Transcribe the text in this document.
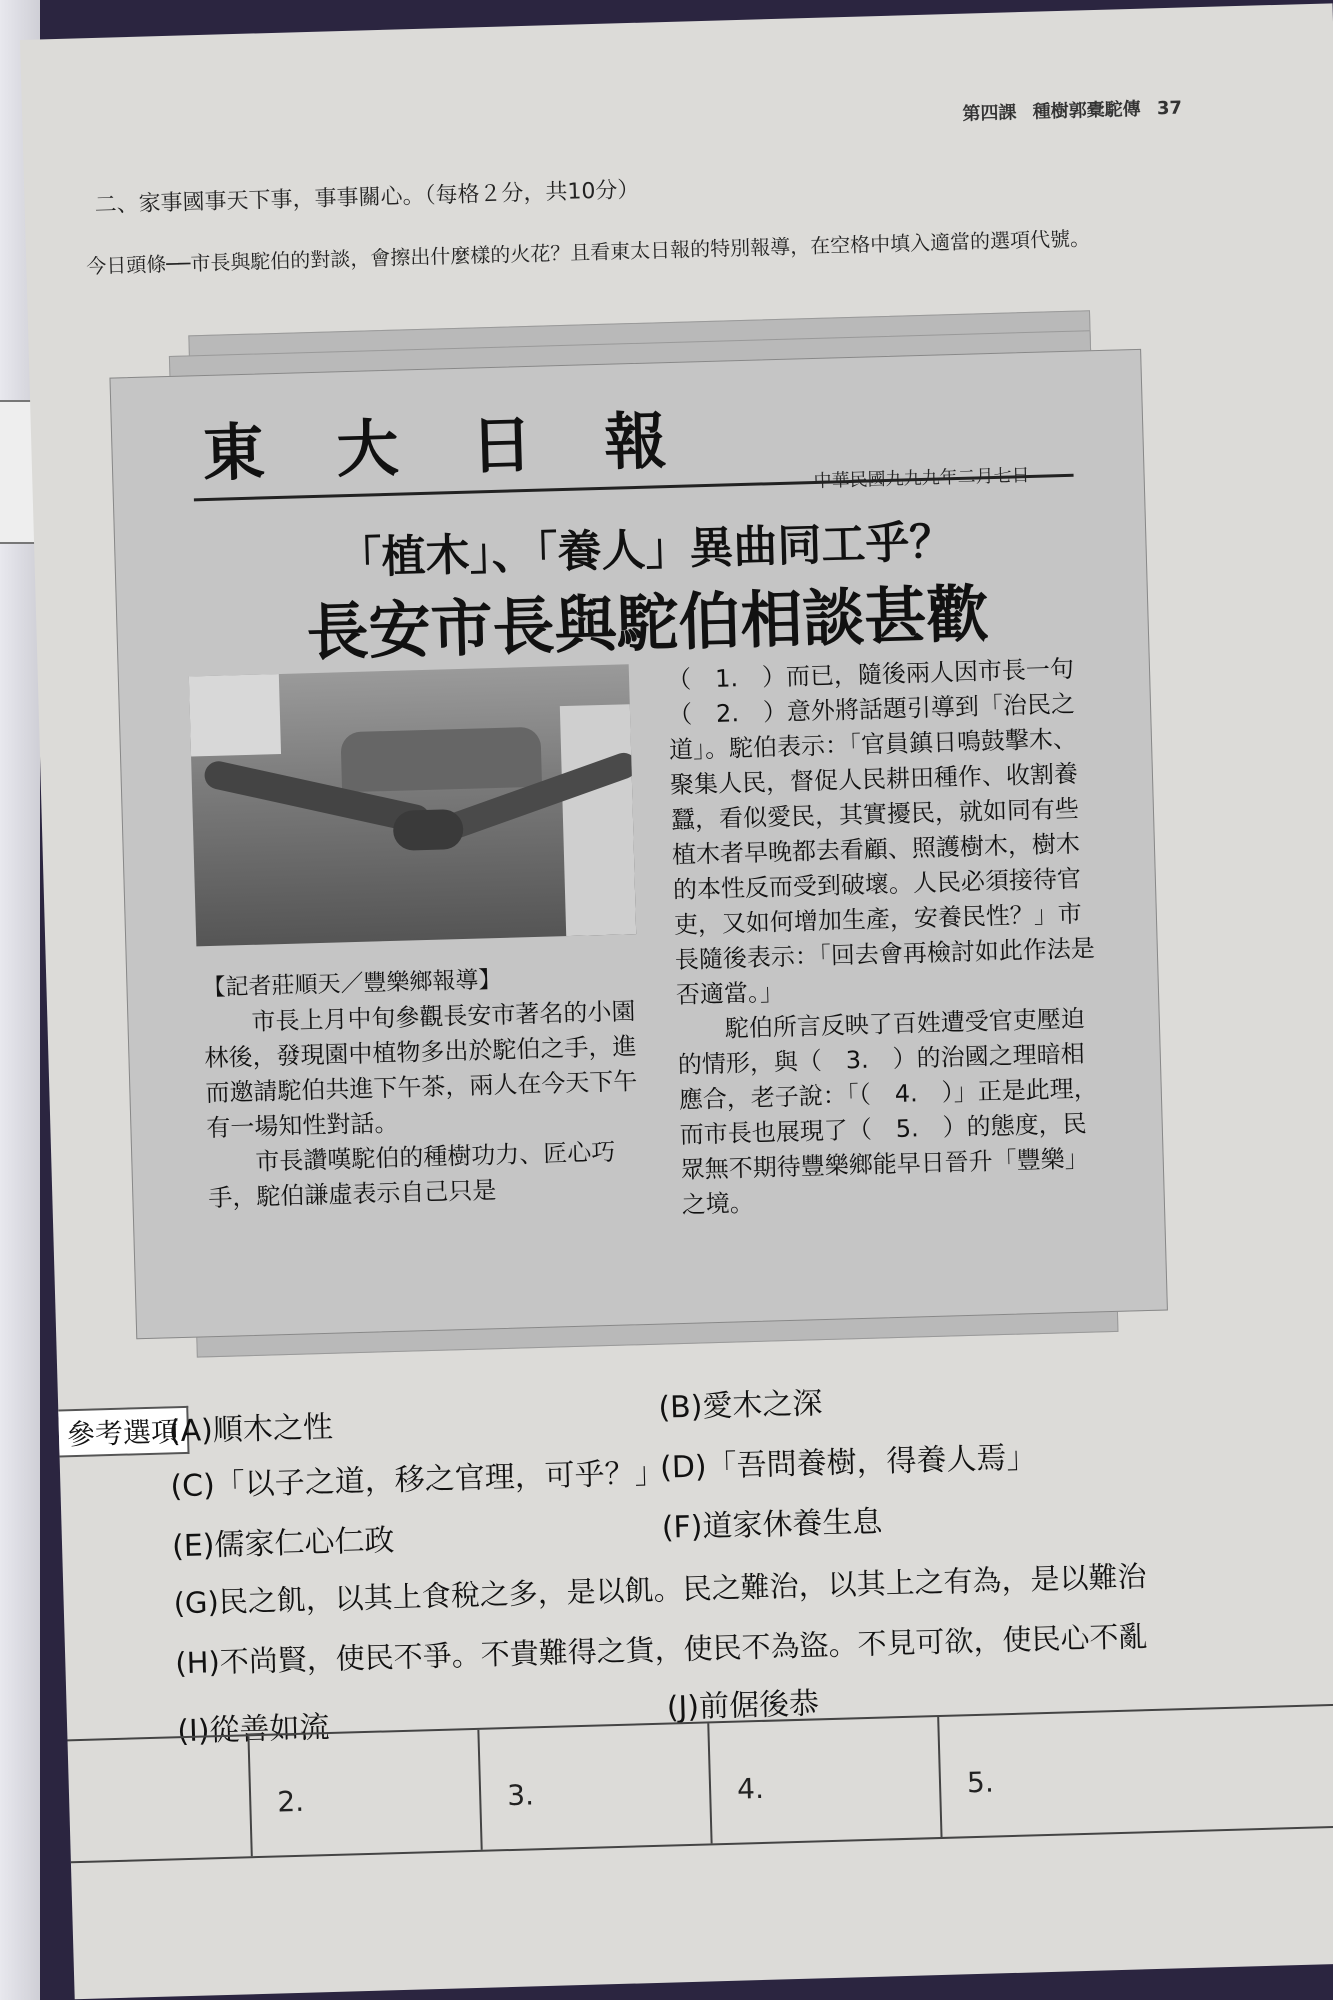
第四課 種樹郭橐駝傳 37
二、家事國事天下事，事事關心。（每格２分，共10分）
今日頭條──市長與駝伯的對談，會擦出什麼樣的火花？且看東太日報的特別報導，在空格中填入適當的選項代號。
東大日報	中華民國九九九年二月七日
「植木」、「養人」異曲同工乎？
長安市長與駝伯相談甚歡
【記者莊順天／豐樂鄉報導】
市長上月中旬參觀長安市著名的小園林後，發現園中植物多出於駝伯之手，進而邀請駝伯共進下午茶，兩人在今天下午有一場知性對話。
市長讚嘆駝伯的種樹功力、匠心巧手，駝伯謙虛表示自己只是
（　1.　）而已，隨後兩人因市長一句（　2.　）意外將話題引導到「治民之道」。駝伯表示：「官員鎮日鳴鼓擊木、聚集人民，督促人民耕田種作、收割養蠶，看似愛民，其實擾民，就如同有些植木者早晚都去看顧、照護樹木，樹木的本性反而受到破壞。人民必須接待官吏，又如何增加生產，安養民性？」市長隨後表示：「回去會再檢討如此作法是否適當。」
駝伯所言反映了百姓遭受官吏壓迫的情形，與（　3.　）的治國之理暗相應合，老子說：「（　4.　）」正是此理，而市長也展現了（　5.　）的態度，民眾無不期待豐樂鄉能早日晉升「豐樂」之境。
參考選項
(A)順木之性
(B)愛木之深
(C)「以子之道，移之官理，可乎？」
(D)「吾問養樹，得養人焉」
(E)儒家仁心仁政	(F)道家休養生息
(G)民之飢，以其上食稅之多，是以飢。民之難治，以其上之有為，是以難治
(H)不尚賢，使民不爭。不貴難得之貨，使民不為盜。不見可欲，使民心不亂
(I)從善如流
(J)前倨後恭
2.	3.	4.	5.
